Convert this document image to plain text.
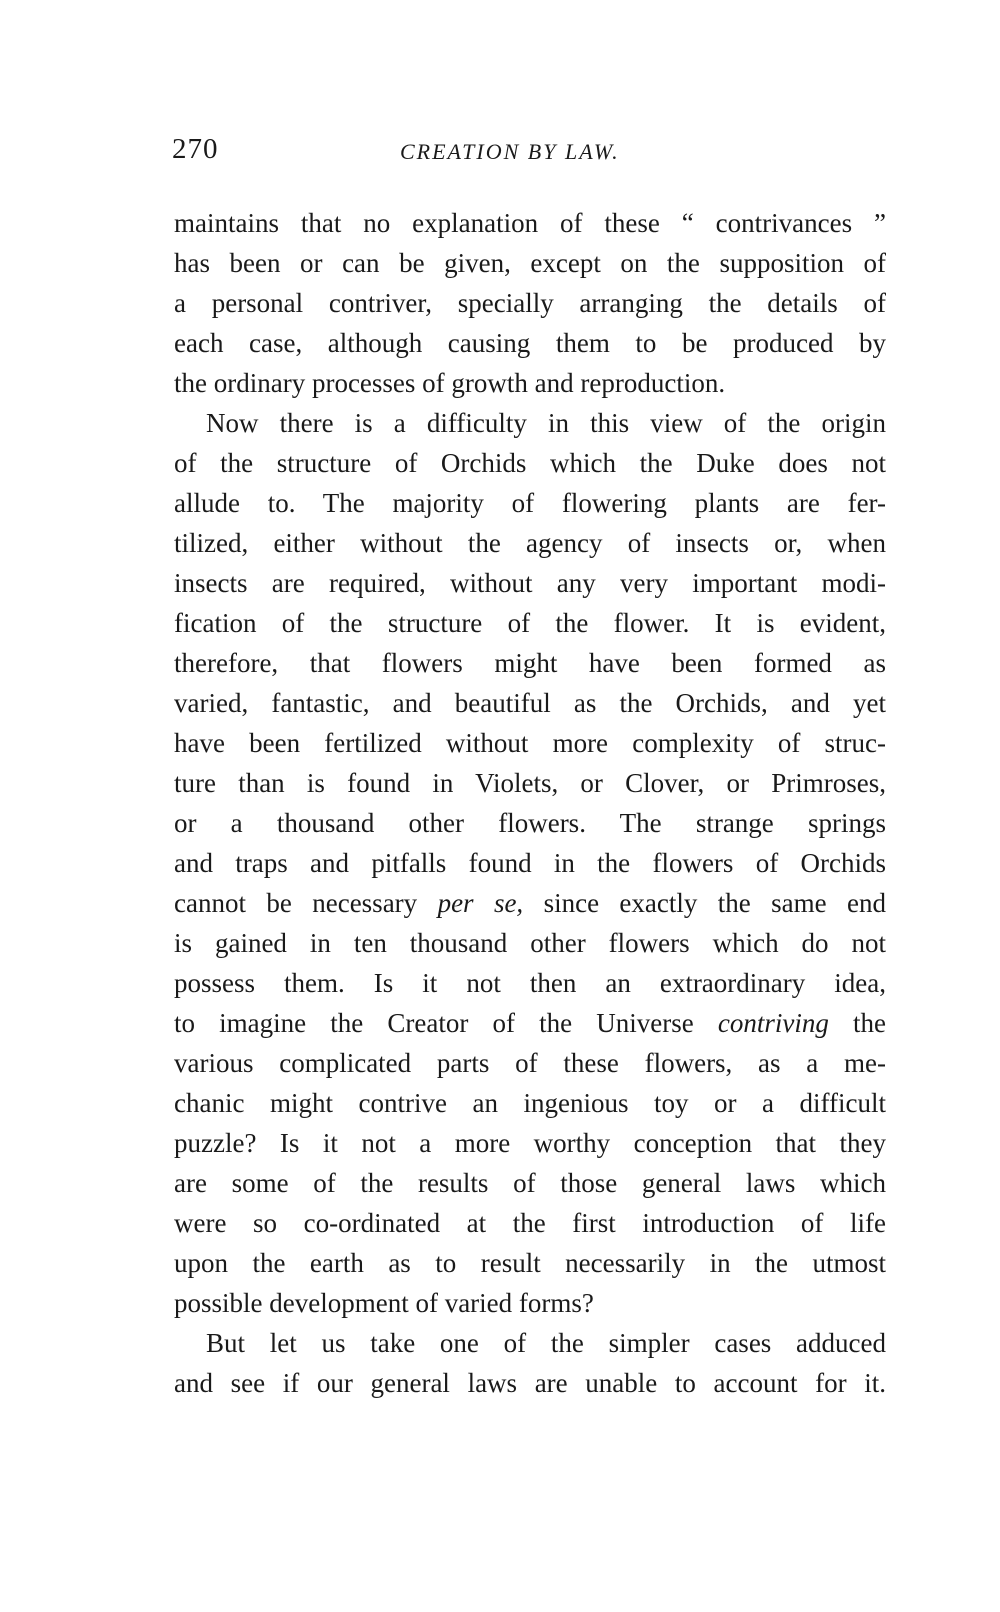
270	CREATION BY LAW.
maintains that no explanation of these “ contrivances ”
has been or can be given, except on the supposition of
a personal contriver, specially arranging the details of
each case, although causing them to be produced by
the ordinary processes of growth and reproduction.
Now there is a difficulty in this view of the origin
of the structure of Orchids which the Duke does not
allude to. The majority of flowering plants are fer-
tilized, either without the agency of insects or, when
insects are required, without any very important modi-
fication of the structure of the flower. It is evident,
therefore, that flowers might have been formed as
varied, fantastic, and beautiful as the Orchids, and yet
have been fertilized without more complexity of struc-
ture than is found in Violets, or Clover, or Primroses,
or a thousand other flowers. The strange springs
and traps and pitfalls found in the flowers of Orchids
cannot be necessary per se, since exactly the same end
is gained in ten thousand other flowers which do not
possess them. Is it not then an extraordinary idea,
to imagine the Creator of the Universe contriving the
various complicated parts of these flowers, as a me-
chanic might contrive an ingenious toy or a difficult
puzzle? Is it not a more worthy conception that they
are some of the results of those general laws which
were so co-ordinated at the first introduction of life
upon the earth as to result necessarily in the utmost
possible development of varied forms?
But let us take one of the simpler cases adduced
and see if our general laws are unable to account for it.
